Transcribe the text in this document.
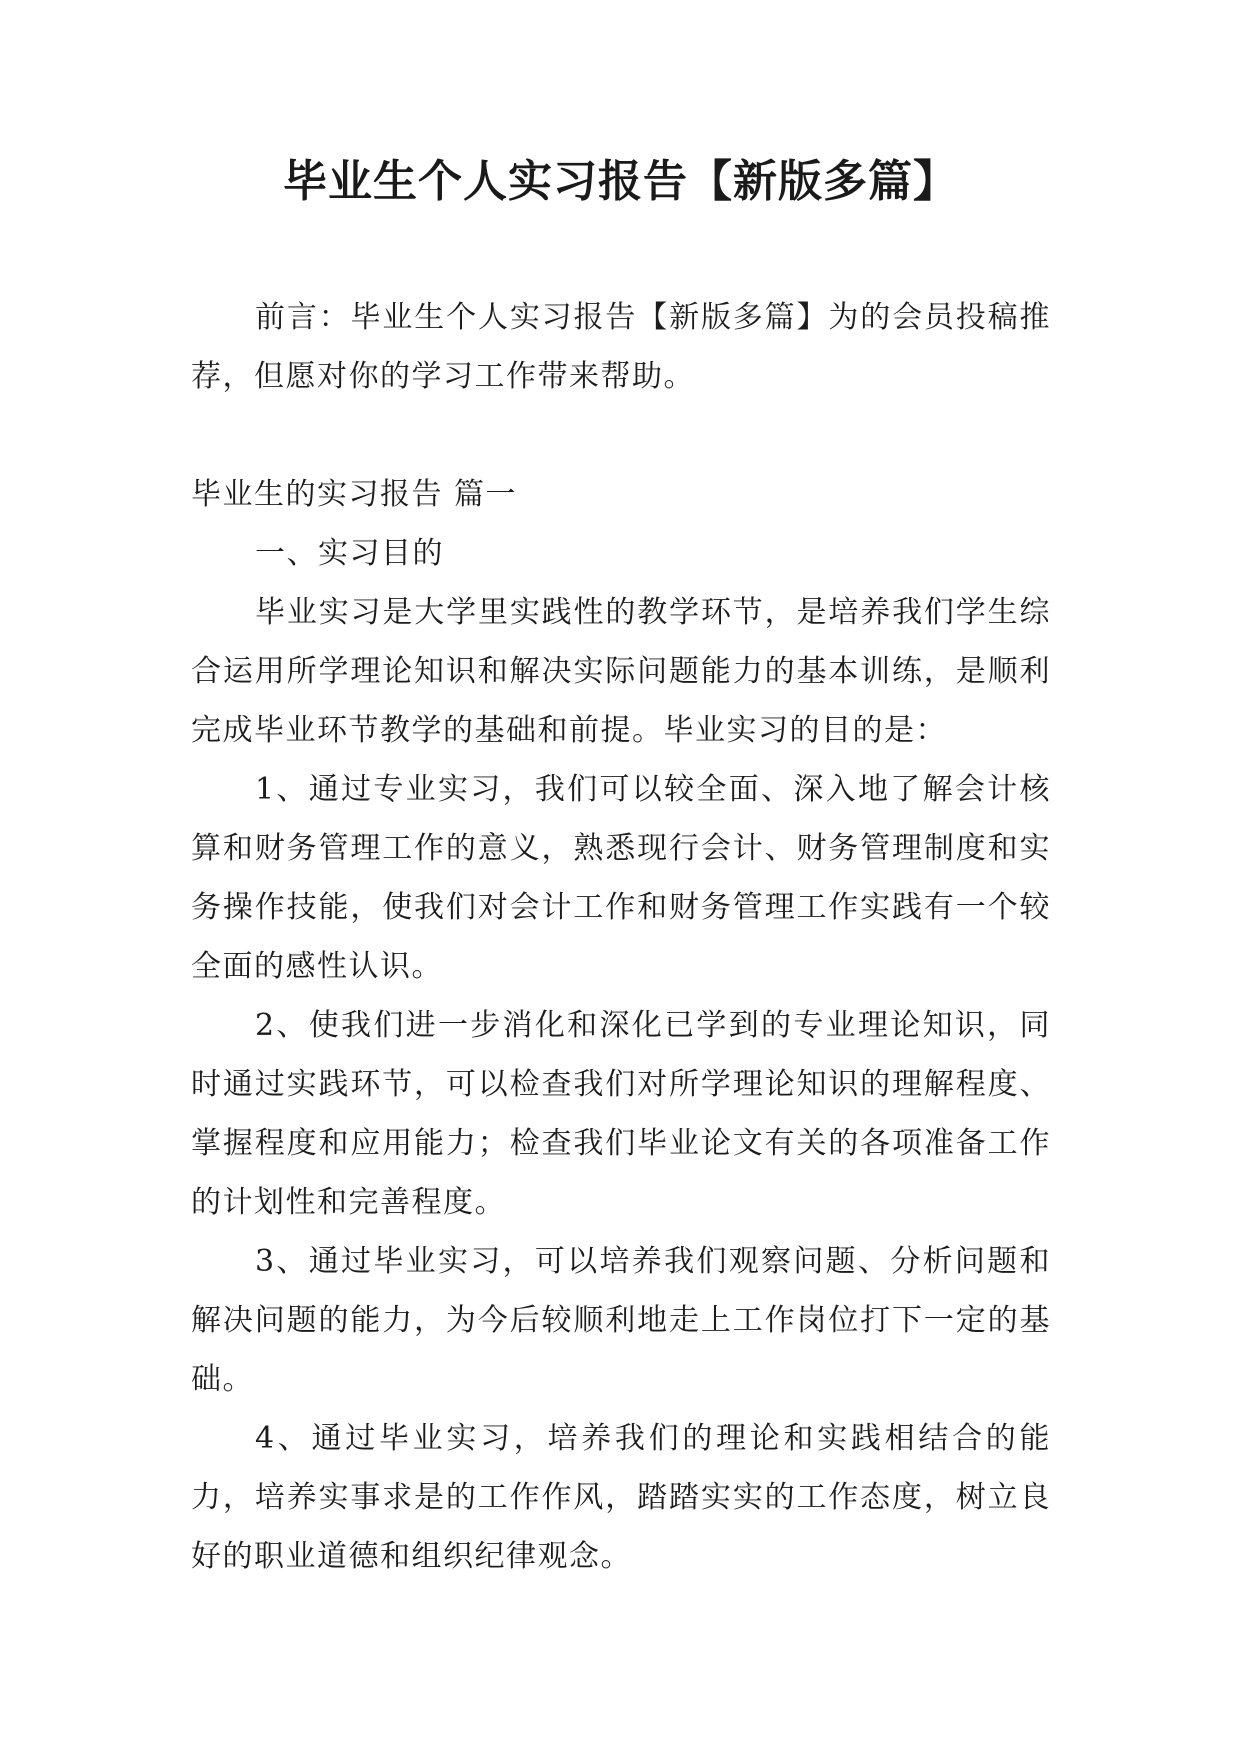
毕业生个人实习报告【新版多篇】

前言：毕业生个人实习报告【新版多篇】为的会员投稿推荐，但愿对你的学习工作带来帮助。

毕业生的实习报告 篇一

一、实习目的

毕业实习是大学里实践性的教学环节，是培养我们学生综合运用所学理论知识和解决实际问题能力的基本训练，是顺利完成毕业环节教学的基础和前提。毕业实习的目的是：

1、通过专业实习，我们可以较全面、深入地了解会计核算和财务管理工作的意义，熟悉现行会计、财务管理制度和实务操作技能，使我们对会计工作和财务管理工作实践有一个较全面的感性认识。

2、使我们进一步消化和深化已学到的专业理论知识，同时通过实践环节，可以检查我们对所学理论知识的理解程度、掌握程度和应用能力；检查我们毕业论文有关的各项准备工作的计划性和完善程度。

3、通过毕业实习，可以培养我们观察问题、分析问题和解决问题的能力，为今后较顺利地走上工作岗位打下一定的基础。

4、通过毕业实习，培养我们的理论和实践相结合的能力，培养实事求是的工作作风，踏踏实实的工作态度，树立良好的职业道德和组织纪律观念。
